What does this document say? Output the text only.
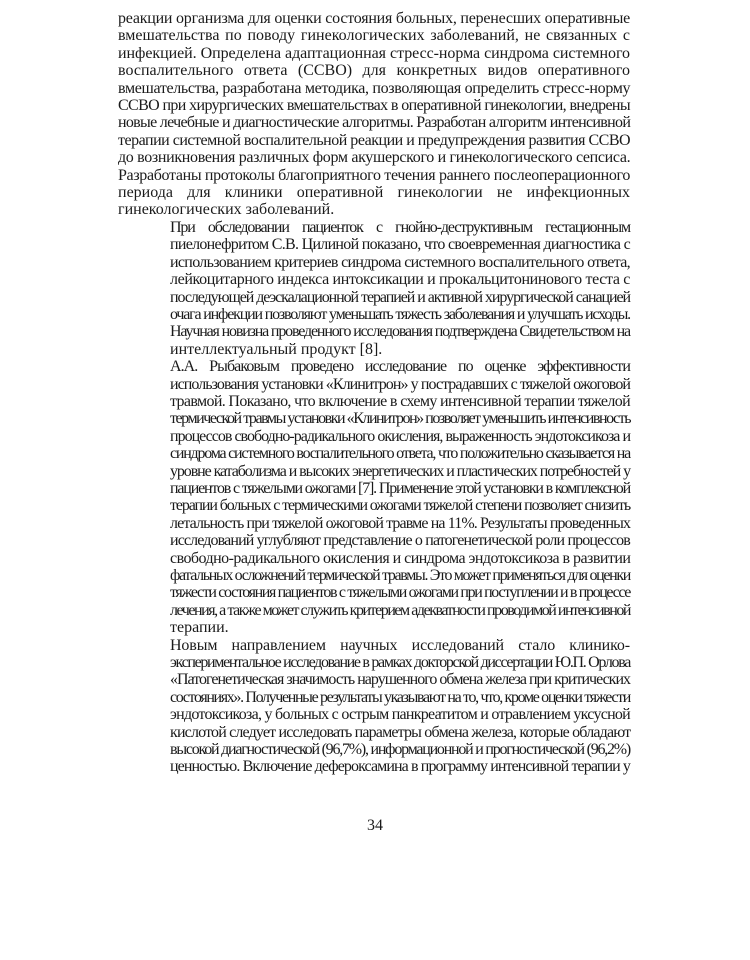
реакции организма для оценки состояния больных, перенесших оперативные
вмешательства по поводу гинекологических заболеваний, не связанных с
инфекцией. Определена адаптационная стресс-норма синдрома системного
воспалительного ответа (ССВО) для конкретных видов оперативного
вмешательства, разработана методика, позволяющая определить стресс-норму
ССВО при хирургических вмешательствах в оперативной гинекологии, внедрены
новые лечебные и диагностические алгоритмы. Разработан алгоритм интенсивной
терапии системной воспалительной реакции и предупреждения развития ССВО
до возникновения различных форм акушерского и гинекологического сепсиса.
Разработаны протоколы благоприятного течения раннего послеоперационного
периода для клиники оперативной гинекологии не инфекционных
гинекологических заболеваний.

При обследовании пациенток с гнойно-деструктивным гестационным
пиелонефритом С.В. Цилиной показано, что своевременная диагностика с
использованием критериев синдрома системного воспалительного ответа,
лейкоцитарного индекса интоксикации и прокальцитонинового теста с
последующей деэскалационной терапией и активной хирургической санацией
очага инфекции позволяют уменьшать тяжесть заболевания и улучшать исходы.
Научная новизна проведенного исследования подтверждена Свидетельством на
интеллектуальный продукт [8].

А.А. Рыбаковым проведено исследование по оценке эффективности
использования установки «Клинитрон» у пострадавших с тяжелой ожоговой
травмой. Показано, что включение в схему интенсивной терапии тяжелой
термической травмы установки «Клинитрон» позволяет уменьшить интенсивность
процессов свободно-радикального окисления, выраженность эндотоксикоза и
синдрома системного воспалительного ответа, что положительно сказывается на
уровне катаболизма и высоких энергетических и пластических потребностей у
пациентов с тяжелыми ожогами [7]. Применение этой установки в комплексной
терапии больных с термическими ожогами тяжелой степени позволяет снизить
летальность при тяжелой ожоговой травме на 11%. Результаты проведенных
исследований углубляют представление о патогенетической роли процессов
свободно-радикального окисления и синдрома эндотоксикоза в развитии
фатальных осложнений термической травмы. Это может применяться для оценки
тяжести состояния пациентов с тяжелыми ожогами при поступлении и в процессе
лечения, а также может служить критерием адекватности проводимой интенсивной
терапии.

Новым направлением научных исследований стало клинико-
экспериментальное исследование в рамках докторской диссертации Ю.П. Орлова
«Патогенетическая значимость нарушенного обмена железа при критических
состояниях». Полученные результаты указывают на то, что, кроме оценки тяжести
эндотоксикоза, у больных с острым панкреатитом и отравлением уксусной
кислотой следует исследовать параметры обмена железа, которые обладают
высокой диагностической (96,7%), информационной и прогностической (96,2%)
ценностью. Включение дефероксамина в программу интенсивной терапии у

34
